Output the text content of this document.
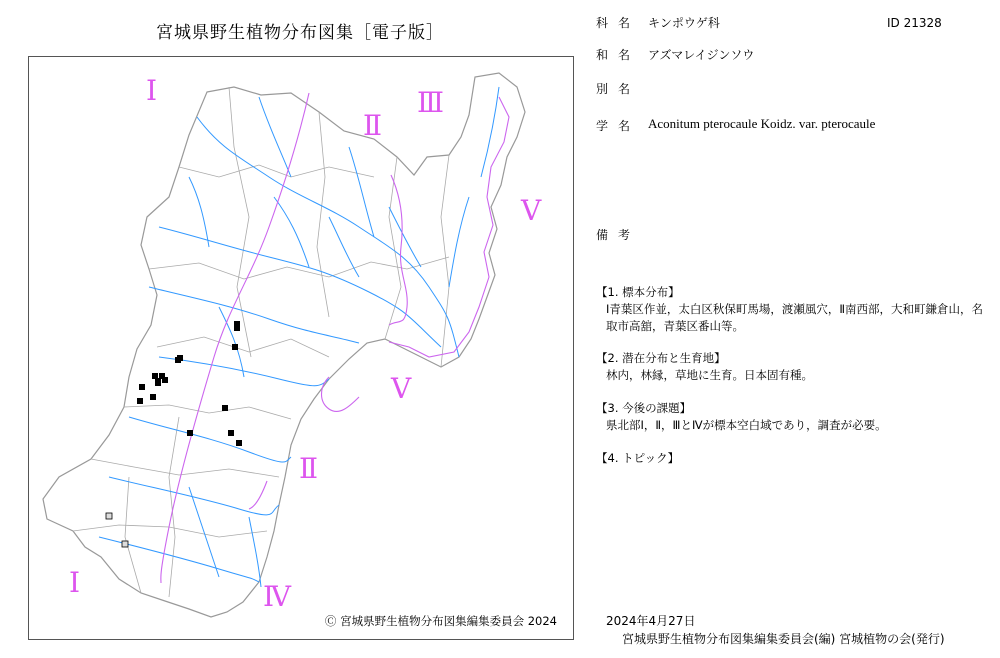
宮城県野生植物分布図集［電子版］
Ⅰ
Ⅱ
Ⅲ
Ⅴ
Ⅴ
Ⅱ
Ⅰ	Ⅳ
Ⓒ 宮城県野生植物分布図集編集委員会 2024
科名 キンポウゲ科	ID 21328
和名 アズマレイジンソウ
別名
学名 Aconitum pterocaule Koidz. var. pterocaule
備考
【1. 標本分布】
Ⅰ青葉区作並，太白区秋保町馬場，渡瀬風穴，Ⅱ南西部，大和町鎌倉山，名取市高舘，青葉区番山等。
【2. 潜在分布と生育地】
林内，林縁，草地に生育。日本固有種。
【3. 今後の課題】
県北部Ⅰ，Ⅱ，ⅢとⅣが標本空白域であり，調査が必要。
【4. トピック】
2024年4月27日
宮城県野生植物分布図集編集委員会(編) 宮城植物の会(発行)
